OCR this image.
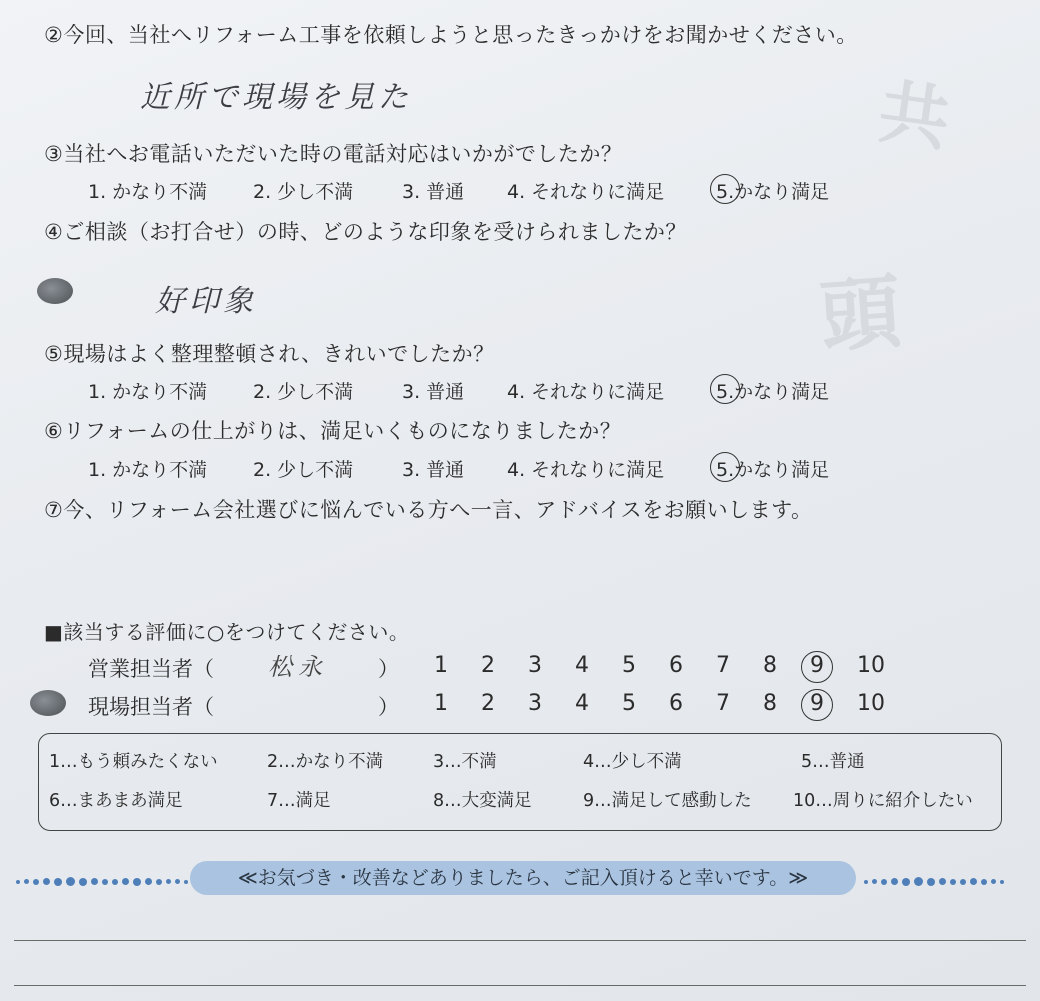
共
頭
②今回、当社へリフォーム工事を依頼しようと思ったきっかけをお聞かせください。
近所で現場を見た
③当社へお電話いただいた時の電話対応はいかがでしたか？
1. かなり不満 2. 少し不満	3. 普通 4. それなりに満足	5.かなり満足
④ご相談（お打合せ）の時、どのような印象を受けられましたか？
好印象
⑤現場はよく整理整頓され、きれいでしたか？
1. かなり不満 2. 少し不満	3. 普通 4. それなりに満足	5.かなり満足
⑥リフォームの仕上がりは、満足いくものになりましたか？
1. かなり不満 2. 少し不満	3. 普通 4. それなりに満足	5.かなり満足
⑦今、リフォーム会社選びに悩んでいる方へ一言、アドバイスをお願いします。
■該当する評価に○をつけてください。
営業担当者（ 松永 ）	1	2	3	4	5	6	7	8	9	10
現場担当者（	）	1	2	3	4	5	6	7	8	9	10
1…もう頼みたくない	2…かなり不満	3…不満	4…少し不満	5…普通
6…まあまあ満足	7…満足	8…大変満足	9…満足して感動した 10…周りに紹介したい
≪お気づき・改善などありましたら、ご記入頂けると幸いです。≫
